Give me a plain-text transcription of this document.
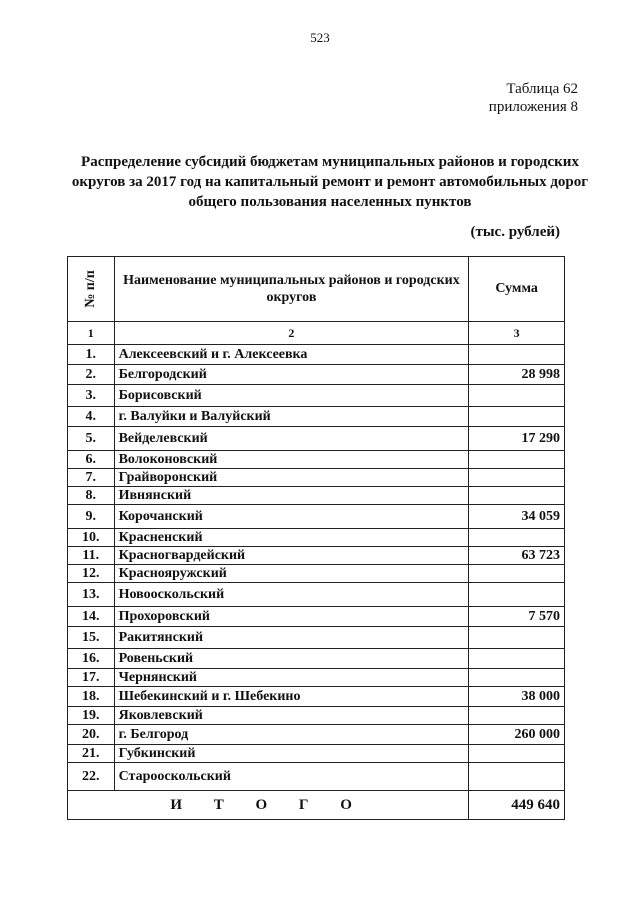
523
Таблица 62
приложения 8
Распределение субсидий бюджетам муниципальных районов и городских округов за 2017 год на капитальный ремонт и ремонт автомобильных дорог общего пользования населенных пунктов
(тыс. рублей)
№ п/п	Наименование муниципальных районов и городских округов	Сумма
1	2	3
1.	Алексеевский и г. Алексеевка	
2.	Белгородский	28 998
3.	Борисовский	
4.	г. Валуйки и Валуйский	
5.	Вейделевский	17 290
6.	Волоконовский	
7.	Грайворонский	
8.	Ивнянский	
9.	Корочанский	34 059
10.	Красненский	
11.	Красногвардейский	63 723
12.	Краснояружский	
13.	Новооскольский	
14.	Прохоровский	7 570
15.	Ракитянский	
16.	Ровеньский	
17.	Чернянский	
18.	Шебекинский и г. Шебекино	38 000
19.	Яковлевский	
20.	г. Белгород	260 000
21.	Губкинский	
22.	Старооскольский	
И Т О Г О		449 640
